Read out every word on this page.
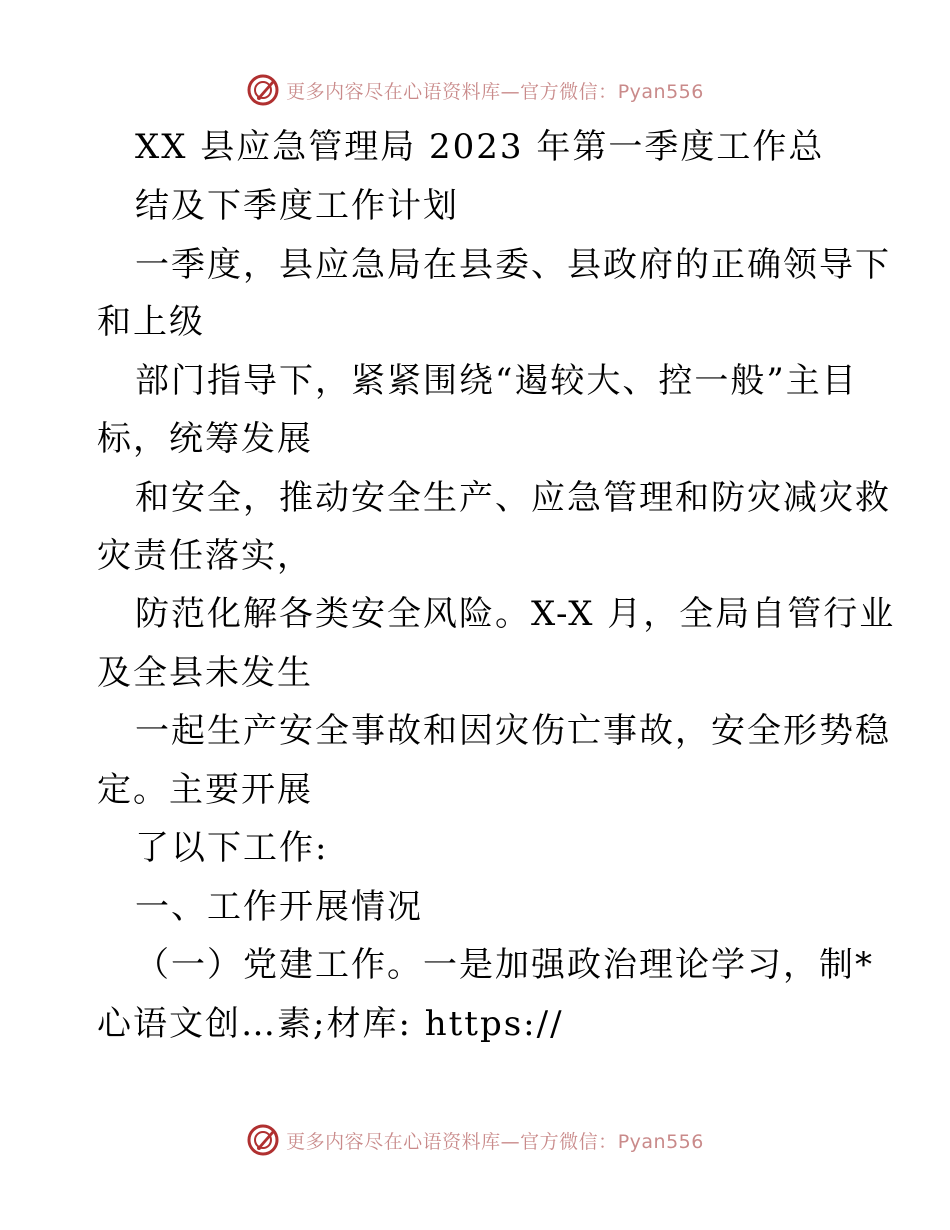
更多内容尽在心语资料库—官方微信：Pyan556
XX 县应急管理局 2023 年第一季度工作总
结及下季度工作计划
一季度，县应急局在县委、县政府的正确领导下
和上级
部门指导下，紧紧围绕“遏较大、控一般”主目
标，统筹发展
和安全，推动安全生产、应急管理和防灾减灾救
灾责任落实，
防范化解各类安全风险。X-X 月，全局自管行业
及全县未发生
一起生产安全事故和因灾伤亡事故，安全形势稳
定。主要开展
了以下工作:
一、工作开展情况
（一）党建工作。一是加强政治理论学习，制*
心语文创…素;材库: https://
更多内容尽在心语资料库—官方微信：Pyan556
